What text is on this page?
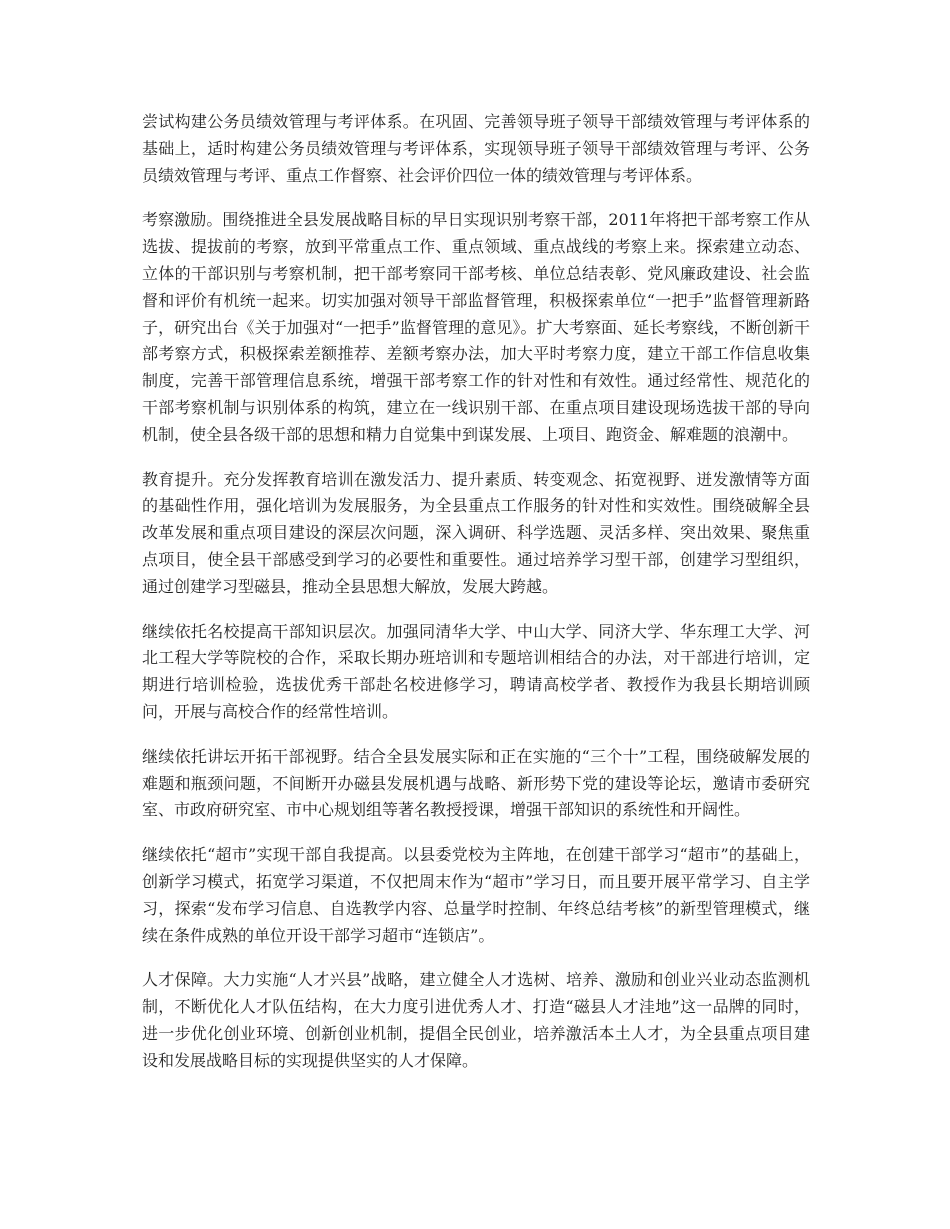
尝试构建公务员绩效管理与考评体系。在巩固、完善领导班子领导干部绩效管理与考评体系的基础上，适时构建公务员绩效管理与考评体系，实现领导班子领导干部绩效管理与考评、公务员绩效管理与考评、重点工作督察、社会评价四位一体的绩效管理与考评体系。

考察激励。围绕推进全县发展战略目标的早日实现识别考察干部，2011年将把干部考察工作从选拔、提拔前的考察，放到平常重点工作、重点领域、重点战线的考察上来。探索建立动态、立体的干部识别与考察机制，把干部考察同干部考核、单位总结表彰、党风廉政建设、社会监督和评价有机统一起来。切实加强对领导干部监督管理，积极探索单位“一把手”监督管理新路子，研究出台《关于加强对“一把手”监督管理的意见》。扩大考察面、延长考察线，不断创新干部考察方式，积极探索差额推荐、差额考察办法，加大平时考察力度，建立干部工作信息收集制度，完善干部管理信息系统，增强干部考察工作的针对性和有效性。通过经常性、规范化的干部考察机制与识别体系的构筑，建立在一线识别干部、在重点项目建设现场选拔干部的导向机制，使全县各级干部的思想和精力自觉集中到谋发展、上项目、跑资金、解难题的浪潮中。

教育提升。充分发挥教育培训在激发活力、提升素质、转变观念、拓宽视野、迸发激情等方面的基础性作用，强化培训为发展服务，为全县重点工作服务的针对性和实效性。围绕破解全县改革发展和重点项目建设的深层次问题，深入调研、科学选题、灵活多样、突出效果、聚焦重点项目，使全县干部感受到学习的必要性和重要性。通过培养学习型干部，创建学习型组织，通过创建学习型磁县，推动全县思想大解放，发展大跨越。

继续依托名校提高干部知识层次。加强同清华大学、中山大学、同济大学、华东理工大学、河北工程大学等院校的合作，采取长期办班培训和专题培训相结合的办法，对干部进行培训，定期进行培训检验，选拔优秀干部赴名校进修学习，聘请高校学者、教授作为我县长期培训顾问，开展与高校合作的经常性培训。

继续依托讲坛开拓干部视野。结合全县发展实际和正在实施的“三个十”工程，围绕破解发展的难题和瓶颈问题，不间断开办磁县发展机遇与战略、新形势下党的建设等论坛，邀请市委研究室、市政府研究室、市中心规划组等著名教授授课，增强干部知识的系统性和开阔性。

继续依托“超市”实现干部自我提高。以县委党校为主阵地，在创建干部学习“超市”的基础上，创新学习模式，拓宽学习渠道，不仅把周末作为“超市”学习日，而且要开展平常学习、自主学习，探索“发布学习信息、自选教学内容、总量学时控制、年终总结考核”的新型管理模式，继续在条件成熟的单位开设干部学习超市“连锁店”。

人才保障。大力实施“人才兴县”战略，建立健全人才选树、培养、激励和创业兴业动态监测机制，不断优化人才队伍结构，在大力度引进优秀人才、打造“磁县人才洼地”这一品牌的同时，进一步优化创业环境、创新创业机制，提倡全民创业，培养激活本土人才，为全县重点项目建设和发展战略目标的实现提供坚实的人才保障。
